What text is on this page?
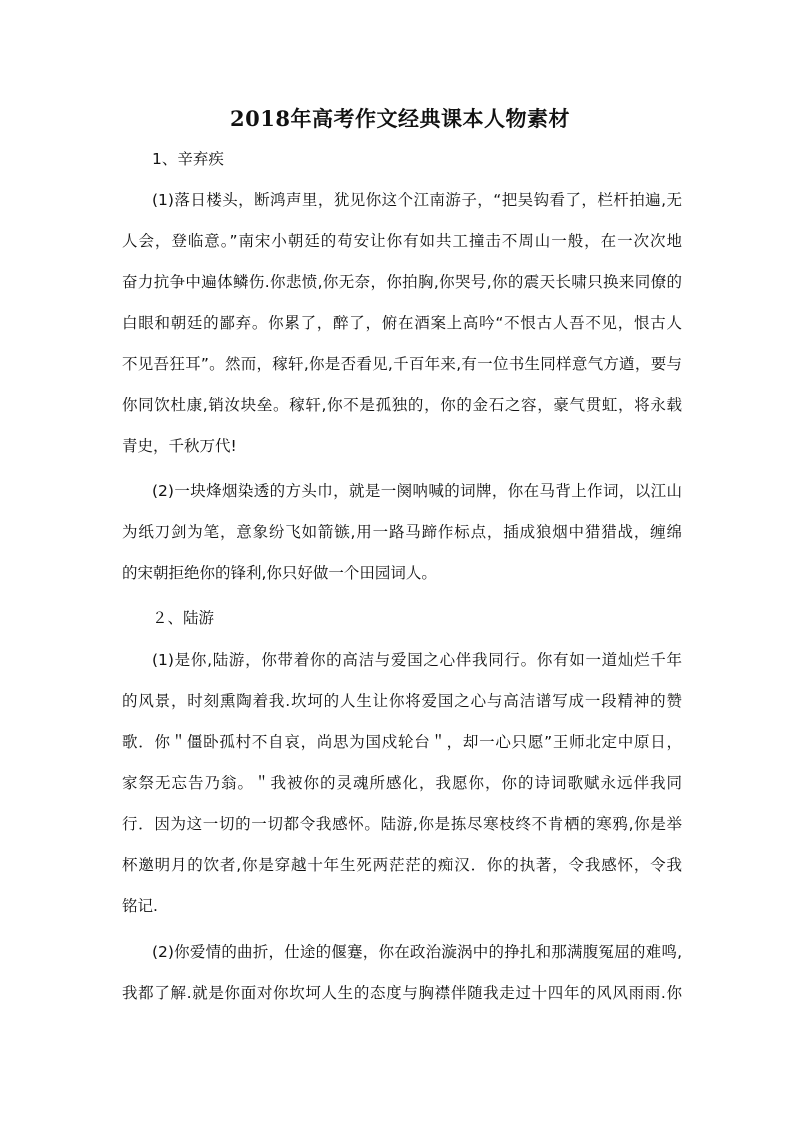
2018年高考作文经典课本人物素材
1、辛弃疾
(1)落日楼头，断鸿声里，犹见你这个江南游子，“把吴钩看了，栏杆拍遍,无
人会，登临意。”南宋小朝廷的苟安让你有如共工撞击不周山一般，在一次次地
奋力抗争中遍体鳞伤.你悲愤,你无奈，你拍胸,你哭号,你的震天长啸只换来同僚的
白眼和朝廷的鄙弃。你累了，醉了，俯在酒案上高吟“不恨古人吾不见，恨古人
不见吾狂耳”。然而，稼轩,你是否看见,千百年来,有一位书生同样意气方遒，要与
你同饮杜康,销汝块垒。稼轩,你不是孤独的，你的金石之容，豪气贯虹，将永载
青史，千秋万代!
(2)一块烽烟染透的方头巾，就是一阕呐喊的词牌，你在马背上作词，以江山
为纸刀剑为笔，意象纷飞如箭镞,用一路马蹄作标点，插成狼烟中猎猎战，缠绵
的宋朝拒绝你的锋利,你只好做一个田园词人。
２、陆游
(1)是你,陆游，你带着你的高洁与爱国之心伴我同行。你有如一道灿烂千年
的风景，时刻熏陶着我.坎坷的人生让你将爱国之心与高洁谱写成一段精神的赞
歌．你＂僵卧孤村不自哀，尚思为国戍轮台＂，却一心只愿”王师北定中原日，
家祭无忘告乃翁。＂我被你的灵魂所感化，我愿你，你的诗词歌赋永远伴我同
行．因为这一切的一切都令我感怀。陆游,你是拣尽寒枝终不肯栖的寒鸦,你是举
杯邀明月的饮者,你是穿越十年生死两茫茫的痴汉．你的执著，令我感怀，令我
铭记.
(2)你爱情的曲折，仕途的偃蹇，你在政治漩涡中的挣扎和那满腹冤屈的难鸣,
我都了解.就是你面对你坎坷人生的态度与胸襟伴随我走过十四年的风风雨雨.你
